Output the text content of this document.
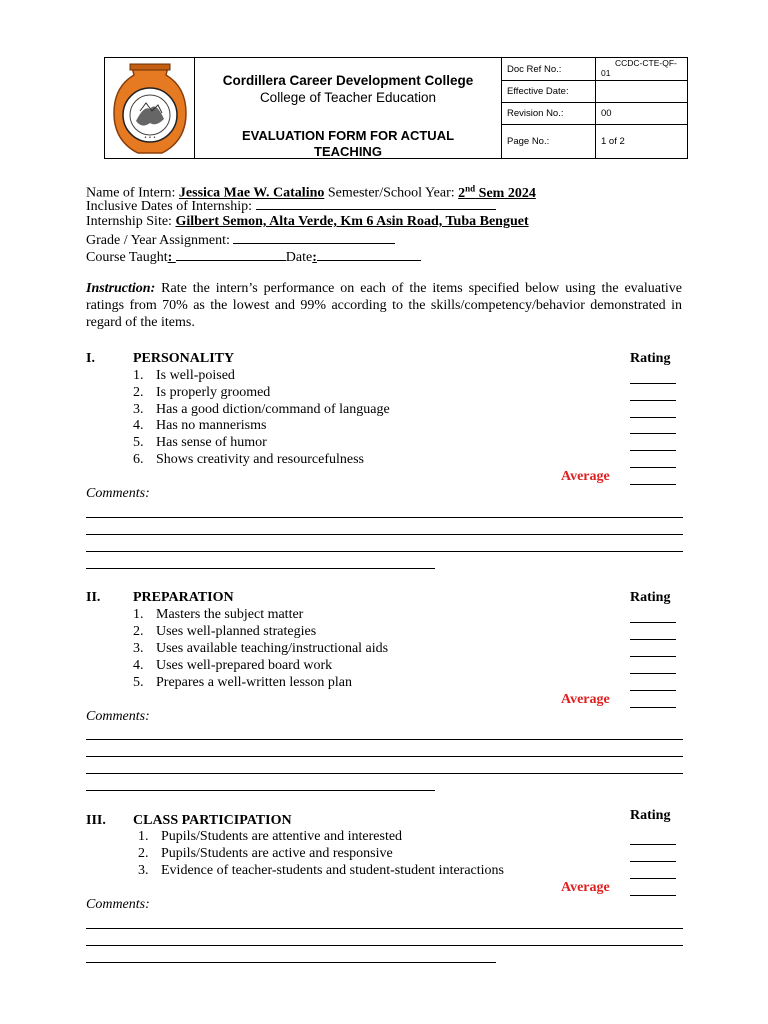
• • •
Cordillera Career Development College
College of Teacher Education
EVALUATION FORM FOR ACTUAL
TEACHING
Doc Ref No.:
CCDC-CTE-QF-
01
Effective Date:
Revision No.:	00
Page No.:	1 of 2
Name of Intern: Jessica Mae W. Catalino Semester/School Year: 2nd Sem 2024
Inclusive Dates of Internship:
Internship Site: Gilbert Semon, Alta Verde, Km 6 Asin Road, Tuba Benguet
Grade / Year Assignment:
Course Taught:	Date:
Instruction: Rate the intern’s performance on each of the items specified below using the evaluative ratings from 70% as the lowest and 99% according to the skills/competency/behavior demonstrated in regard of the items.
I.	PERSONALITY	Rating
1. Is well-poised
2. Is properly groomed
3. Has a good diction/command of language
4. Has no mannerisms
5. Has sense of humor
6. Shows creativity and resourcefulness
Average
Comments:
II. PREPARATION	Rating
1. Masters the subject matter
2. Uses well-planned strategies
3. Uses available teaching/instructional aids
4. Uses well-prepared board work
5. Prepares a well-written lesson plan
Average
Comments:
III. CLASS PARTICIPATION	Rating
1. Pupils/Students are attentive and interested
2. Pupils/Students are active and responsive
3. Evidence of teacher-students and student-student interactions
Average
Comments:
